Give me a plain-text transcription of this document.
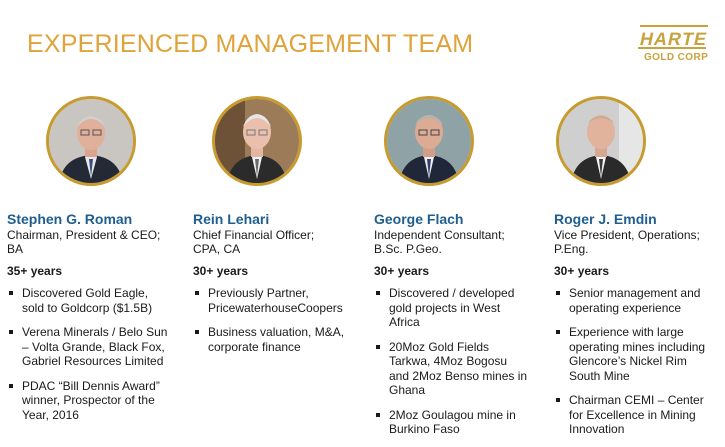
EXPERIENCED MANAGEMENT TEAM	HARTE
GOLD CORP
Stephen G. Roman
Chairman, President & CEO;
BA
35+ years
Discovered Gold Eagle,
sold to Goldcorp ($1.5B)
Verena Minerals / Belo Sun
– Volta Grande, Black Fox,
Gabriel Resources Limited
PDAC “Bill Dennis Award”
winner, Prospector of the
Year, 2016
Rein Lehari
Chief Financial Officer;
CPA, CA
30+ years
Previously Partner,
PricewaterhouseCoopers
Business valuation, M&A,
corporate finance
George Flach
Independent Consultant;
B.Sc. P.Geo.
30+ years
Discovered / developed
gold projects in West
Africa
20Moz Gold Fields
Tarkwa, 4Moz Bogosu
and 2Moz Benso mines in
Ghana
2Moz Goulagou mine in
Burkino Faso
Roger J. Emdin
Vice President, Operations;
P.Eng.
30+ years
Senior management and
operating experience
Experience with large
operating mines including
Glencore’s Nickel Rim
South Mine
Chairman CEMI – Center
for Excellence in Mining
Innovation
